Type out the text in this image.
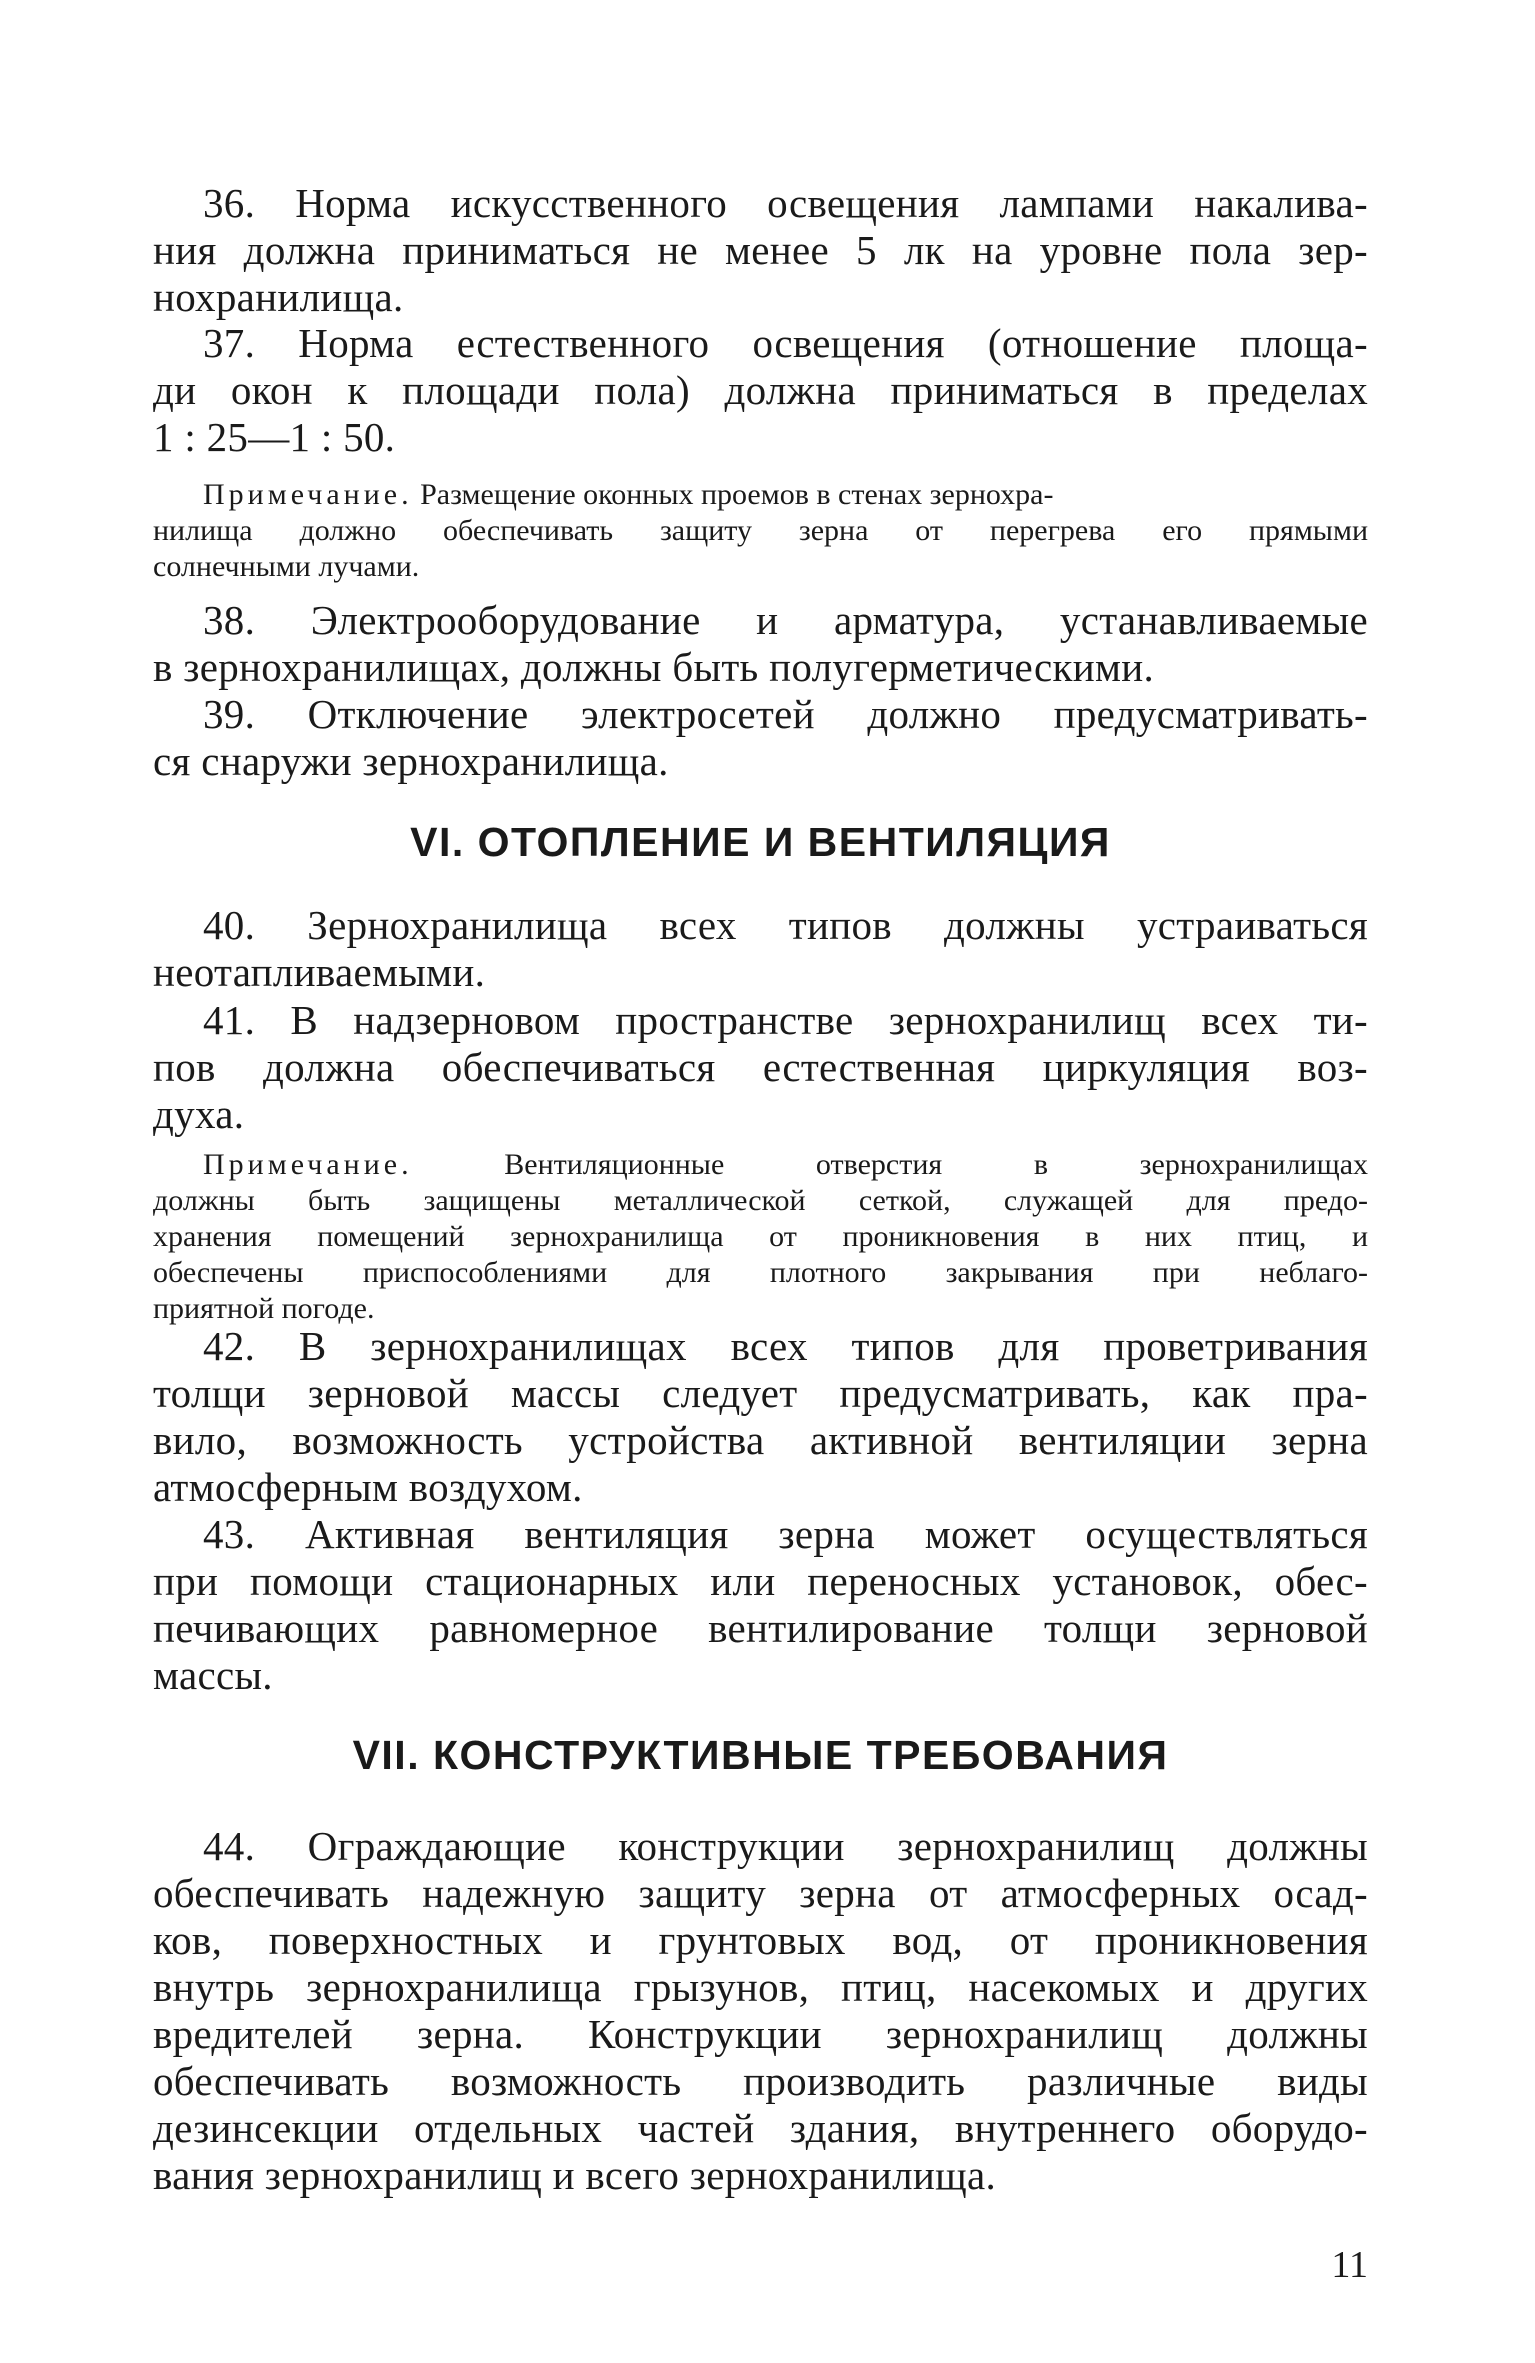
36. Норма искусственного освещения лампами накалива-
ния должна приниматься не менее 5 лк на уровне пола зер-
нохранилища.
37. Норма естественного освещения (отношение площа-
ди окон к площади пола) должна приниматься в пределах
1 : 25—1 : 50.
Примечание. Размещение оконных проемов в стенах зернохра-
нилища должно обеспечивать защиту зерна от перегрева его прямыми
солнечными лучами.
38. Электрооборудование и арматура, устанавливаемые
в зернохранилищах, должны быть полугерметическими.
39. Отключение электросетей должно предусматривать-
ся снаружи зернохранилища.
VI. ОТОПЛЕНИЕ И ВЕНТИЛЯЦИЯ
40. Зернохранилища всех типов должны устраиваться
неотапливаемыми.
41. В надзерновом пространстве зернохранилищ всех ти-
пов должна обеспечиваться естественная циркуляция воз-
духа.
Примечание.	Вентиляционные отверстия в зернохранилищах
должны быть защищены металлической сеткой, служащей для предо-
хранения помещений зернохранилища от проникновения в них птиц, и
обеспечены приспособлениями для плотного закрывания при неблаго-
приятной погоде.
42. В зернохранилищах всех типов для проветривания
толщи зерновой массы следует предусматривать, как пра-
вило, возможность устройства активной вентиляции зерна
атмосферным воздухом.
43. Активная вентиляция зерна может осуществляться
при помощи стационарных или переносных установок, обес-
печивающих равномерное вентилирование толщи зерновой
массы.
VII. КОНСТРУКТИВНЫЕ ТРЕБОВАНИЯ
44. Ограждающие конструкции зернохранилищ должны
обеспечивать надежную защиту зерна от атмосферных осад-
ков, поверхностных и грунтовых вод, от проникновения
внутрь зернохранилища грызунов, птиц, насекомых и других
вредителей зерна. Конструкции зернохранилищ должны
обеспечивать возможность производить различные виды
дезинсекции отдельных частей здания, внутреннего оборудо-
вания зернохранилищ и всего зернохранилища.
11
